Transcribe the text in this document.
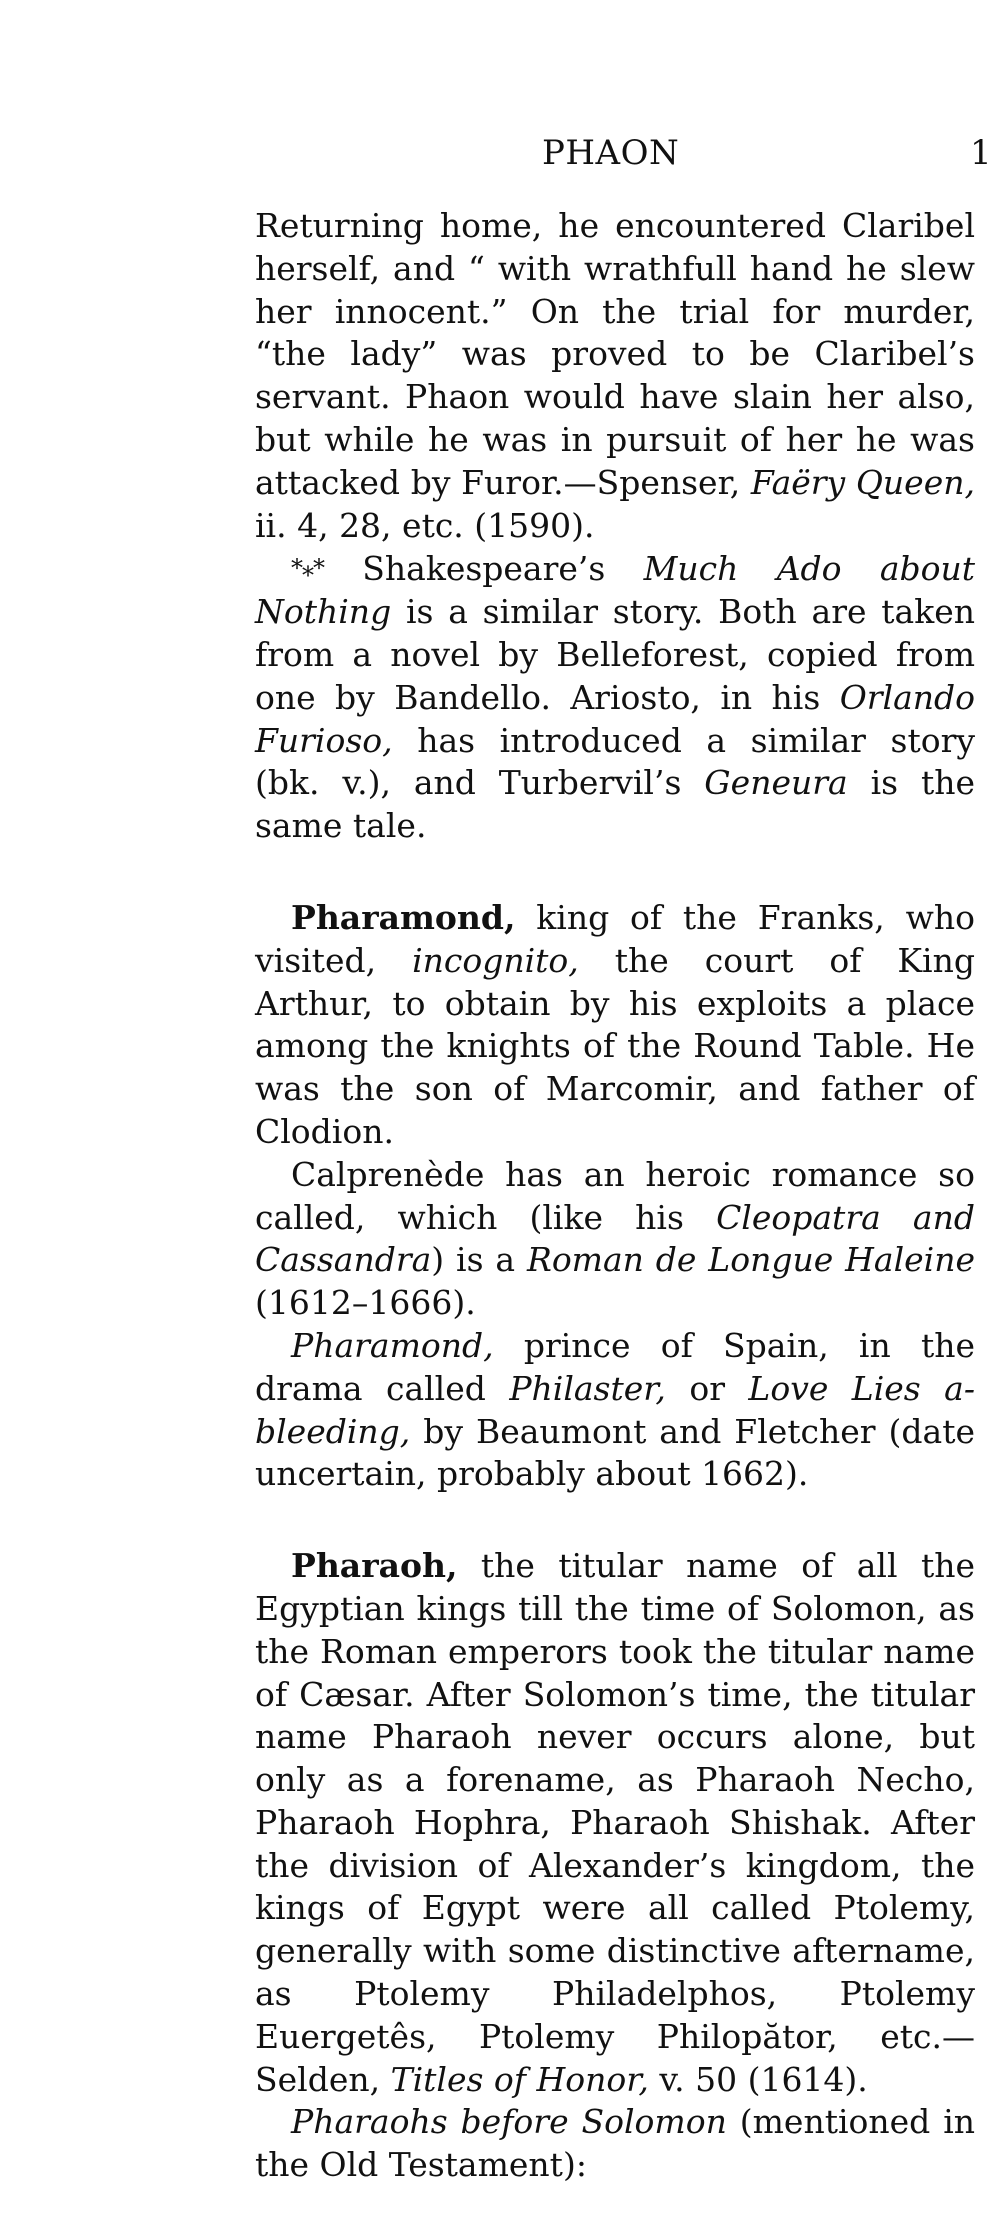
PHAON	1

Returning home, he encountered Claribel herself, and “ with wrathfull hand he slew her innocent.” On the trial for murder, “the lady” was proved to be Claribel’s servant. Phaon would have slain her also, but while he was in pursuit of her he was attacked by Furor.—Spenser, Faëry Queen, ii. 4, 28, etc. (1590).

*⁎* Shakespeare’s Much Ado about Nothing is a similar story. Both are taken from a novel by Belleforest, copied from one by Bandello. Ariosto, in his Orlando Furioso, has introduced a similar story (bk. v.), and Turbervil’s Geneura is the same tale.

Pharamond, king of the Franks, who visited, incognito, the court of King Arthur, to obtain by his exploits a place among the knights of the Round Table. He was the son of Marcomir, and father of Clodion.

Calprenède has an heroic romance so called, which (like his Cleopatra and Cassandra) is a Roman de Longue Haleine (1612–1666).

Pharamond, prince of Spain, in the drama called Philaster, or Love Lies a-bleeding, by Beaumont and Fletcher (date uncertain, probably about 1662).

Pharaoh, the titular name of all the Egyptian kings till the time of Solomon, as the Roman emperors took the titular name of Cæsar. After Solomon’s time, the titular name Pharaoh never occurs alone, but only as a forename, as Pharaoh Necho, Pharaoh Hophra, Pharaoh Shishak. After the division of Alexander’s kingdom, the kings of Egypt were all called Ptolemy, generally with some distinctive aftername, as Ptolemy Philadelphos, Ptolemy Euergetês, Ptolemy Philopător, etc.—Selden, Titles of Honor, v. 50 (1614).

Pharaohs before Solomon (mentioned in the Old Testament):
